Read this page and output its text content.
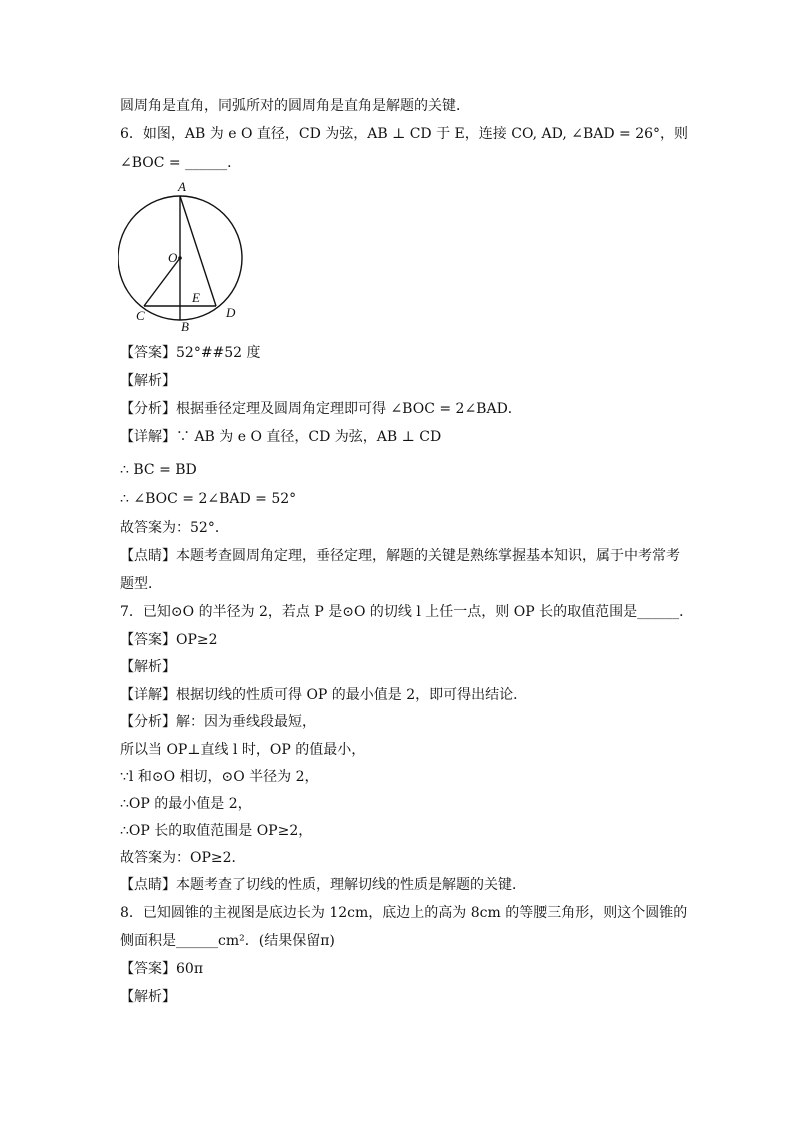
圆周角是直角，同弧所对的圆周角是直角是解题的关键．
6．如图，AB 为 e O 直径，CD 为弦，AB ⊥ CD 于 E，连接 CO, AD, ∠BAD = 26°，则
∠BOC = ______．
A
O
E
C
B
D
【答案】52°##52 度
【解析】
【分析】根据垂径定理及圆周角定理即可得 ∠BOC = 2∠BAD．
【详解】∵ AB 为 e O 直径，CD 为弦，AB ⊥ CD
∴ BC = BD
∴ ∠BOC = 2∠BAD = 52°
故答案为：52°．
【点睛】本题考查圆周角定理，垂径定理，解题的关键是熟练掌握基本知识，属于中考常考
题型．
7．已知⊙O 的半径为 2，若点 P 是⊙O 的切线 l 上任一点，则 OP 长的取值范围是______．
【答案】OP≥2
【解析】
【详解】根据切线的性质可得 OP 的最小值是 2，即可得出结论．
【分析】解：因为垂线段最短，
所以当 OP⊥直线 l 时，OP 的值最小，
∵l 和⊙O 相切，⊙O 半径为 2，
∴OP 的最小值是 2，
∴OP 长的取值范围是 OP≥2，
故答案为：OP≥2．
【点睛】本题考查了切线的性质，理解切线的性质是解题的关键．
8．已知圆锥的主视图是底边长为 12cm，底边上的高为 8cm 的等腰三角形，则这个圆锥的
侧面积是______cm²．(结果保留π)
【答案】60π
【解析】
